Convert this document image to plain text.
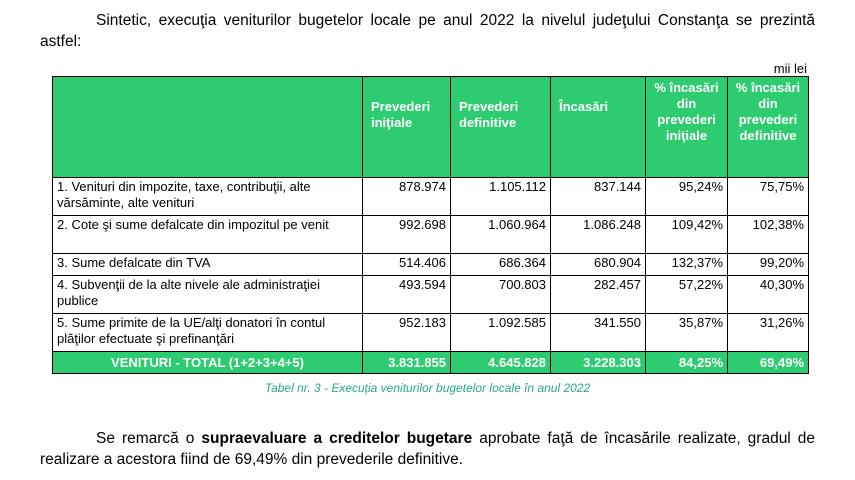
Sintetic, execuţia veniturilor bugetelor locale pe anul 2022 la nivelul judeţului Constanţa se prezintă astfel:

mii lei
	Prevederi iniţiale	Prevederi definitive	Încasări	% încasări din prevederi iniţiale	% încasări din prevederi definitive
1. Venituri din impozite, taxe, contribuţii, alte vărsăminte, alte venituri	878.974	1.105.112	837.144	95,24%	75,75%
2. Cote şi sume defalcate din impozitul pe venit	992.698	1.060.964	1.086.248	109,42%	102,38%
3. Sume defalcate din TVA	514.406	686.364	680.904	132,37%	99,20%
4. Subvenţii de la alte nivele ale administraţiei publice	493.594	700.803	282.457	57,22%	40,30%
5. Sume primite de la UE/alţi donatori în contul plăţilor efectuate şi prefinanţări	952.183	1.092.585	341.550	35,87%	31,26%
VENITURI - TOTAL (1+2+3+4+5)	3.831.855	4.645.828	3.228.303	84,25%	69,49%
Tabel nr. 3 - Execuţia veniturilor bugetelor locale în anul 2022

Se remarcă o supraevaluare a creditelor bugetare aprobate faţă de încasările realizate, gradul de realizare a acestora fiind de 69,49% din prevederile definitive.
